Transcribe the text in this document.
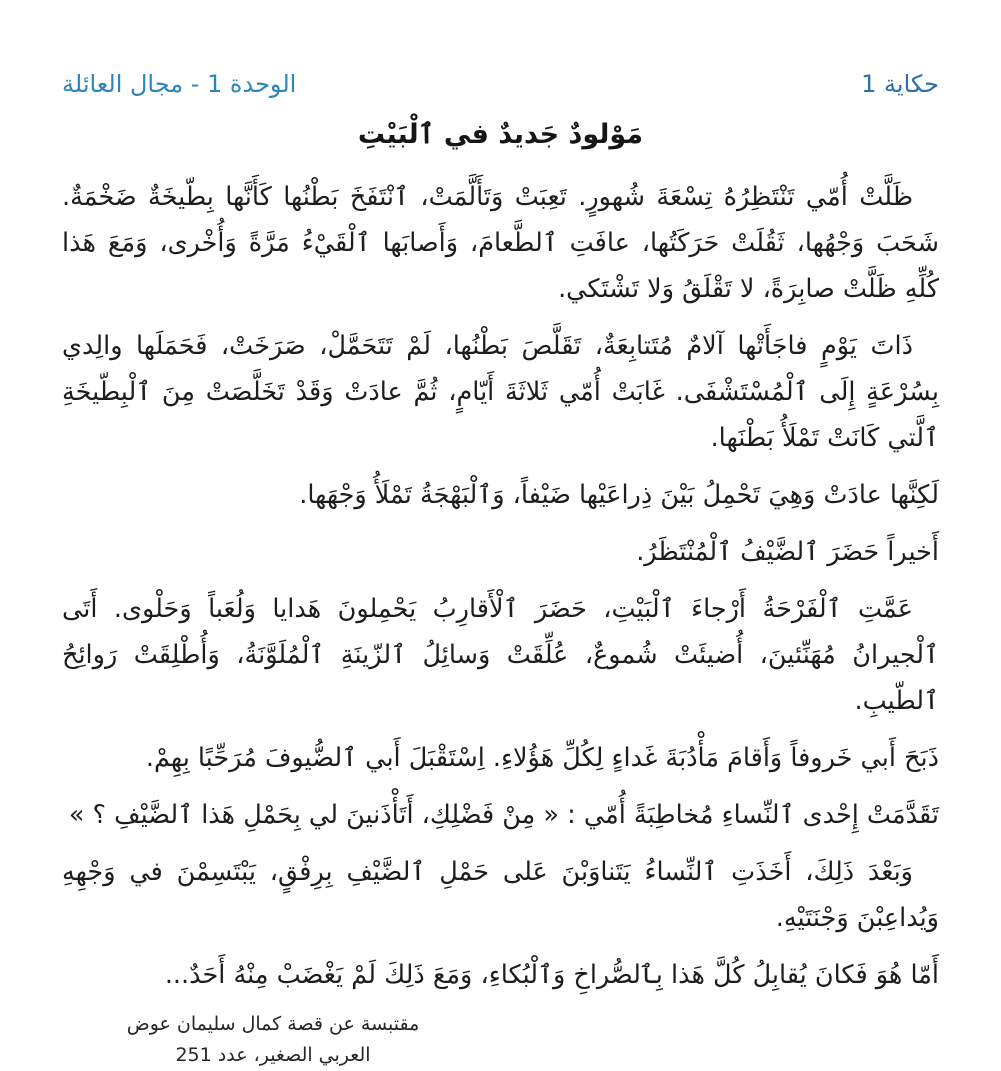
حكاية 1
الوحدة 1 - مجال العائلة
مَوْلودٌ جَديدٌ في ٱلْبَيْتِ

ظَلَّتْ أُمّي تَنْتَظِرُهُ تِسْعَةَ شُهورٍ. تَعِبَتْ وَتَأَلَّمَتْ، ٱنْتَفَخَ بَطْنُها كَأَنَّها بِطّيخَةٌ ضَخْمَةٌ. شَحَبَ وَجْهُها، ثَقُلَتْ حَرَكَتُها، عافَتِ ٱلطَّعامَ، وَأَصابَها ٱلْقَيْءُ مَرَّةً وَأُخْرى، وَمَعَ هَذا كُلِّهِ ظَلَّتْ صابِرَةً، لا تَقْلَقُ وَلا تَشْتَكي.

ذَاتَ يَوْمٍ فاجَأَتْها آلامٌ مُتَتابِعَةٌ، تَقَلَّصَ بَطْنُها، لَمْ تَتَحَمَّلْ، صَرَخَتْ، فَحَمَلَها والِدي بِسُرْعَةٍ إِلَى ٱلْمُسْتَشْفَى. غَابَتْ أُمّي ثَلاثَةَ أَيّامٍ، ثُمَّ عادَتْ وَقَدْ تَخَلَّصَتْ مِنَ ٱلْبِطّيخَةِ ٱلَّتي كَانَتْ تَمْلَأُ بَطْنَها.

لَكِنَّها عادَتْ وَهِيَ تَحْمِلُ بَيْنَ ذِراعَيْها ضَيْفاً، وَٱلْبَهْجَةُ تَمْلَأُ وَجْهَها.

أَخيراً حَضَرَ ٱلضَّيْفُ ٱلْمُنْتَظَرُ.

عَمَّتِ ٱلْفَرْحَةُ أَرْجاءَ ٱلْبَيْتِ، حَضَرَ ٱلْأَقارِبُ يَحْمِلونَ هَدايا وَلُعَباً وَحَلْوى. أَتَى ٱلْجيرانُ مُهَنِّئينَ، أُضيئَتْ شُموعٌ، عُلِّقَتْ وَسائِلُ ٱلزّينَةِ ٱلْمُلَوَّنَةُ، وَأُطْلِقَتْ رَوائِحُ ٱلطّيبِ.

ذَبَحَ أَبي خَروفاً وَأَقامَ مَأْدُبَةَ غَداءٍ لِكُلِّ هَؤُلاءِ. اِسْتَقْبَلَ أَبي ٱلضُّيوفَ مُرَحِّبًا بِهِمْ.

تَقَدَّمَتْ إِحْدى ٱلنِّساءِ مُخاطِبَةً أُمّي : « مِنْ فَضْلِكِ، أَتَأْذَنينَ لي بِحَمْلِ هَذا ٱلضَّيْفِ ؟ »

وَبَعْدَ ذَلِكَ، أَخَذَتِ ٱلنِّساءُ يَتَناوَبْنَ عَلى حَمْلِ ٱلضَّيْفِ بِرِفْقٍ، يَبْتَسِمْنَ في وَجْهِهِ وَيُداعِبْنَ وَجْنَتَيْهِ.

أَمّا هُوَ فَكانَ يُقابِلُ كُلَّ هَذا بِٱلصُّراخِ وَٱلْبُكاءِ، وَمَعَ ذَلِكَ لَمْ يَغْضَبْ مِنْهُ أَحَدٌ...

مقتبسة عن قصة كمال سليمان عوض
العربي الصغير، عدد 251
